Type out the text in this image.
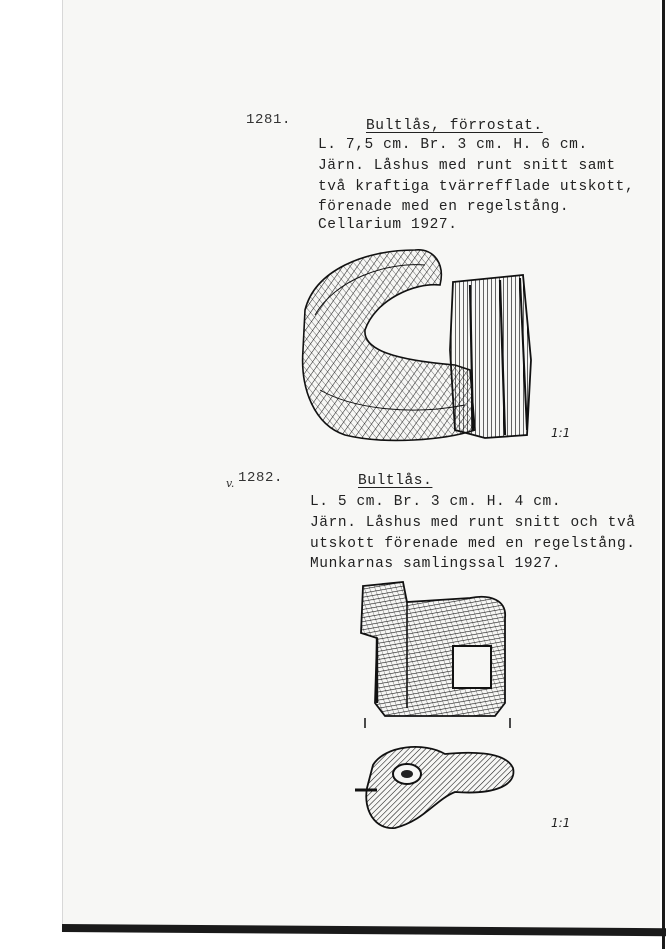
1281.	Bultlås, förrostat.
L. 7,5 cm. Br. 3 cm. H. 6 cm.
Järn. Låshus med runt snitt samt
två kraftiga tvärrefflade utskott,
förenade med en regelstång.
Cellarium 1927.
1:1
v. 1282.	Bultlås.
L. 5 cm. Br. 3 cm. H. 4 cm.
Järn. Låshus med runt snitt och två
utskott förenade med en regelstång.
Munkarnas samlingssal 1927.
1:1
